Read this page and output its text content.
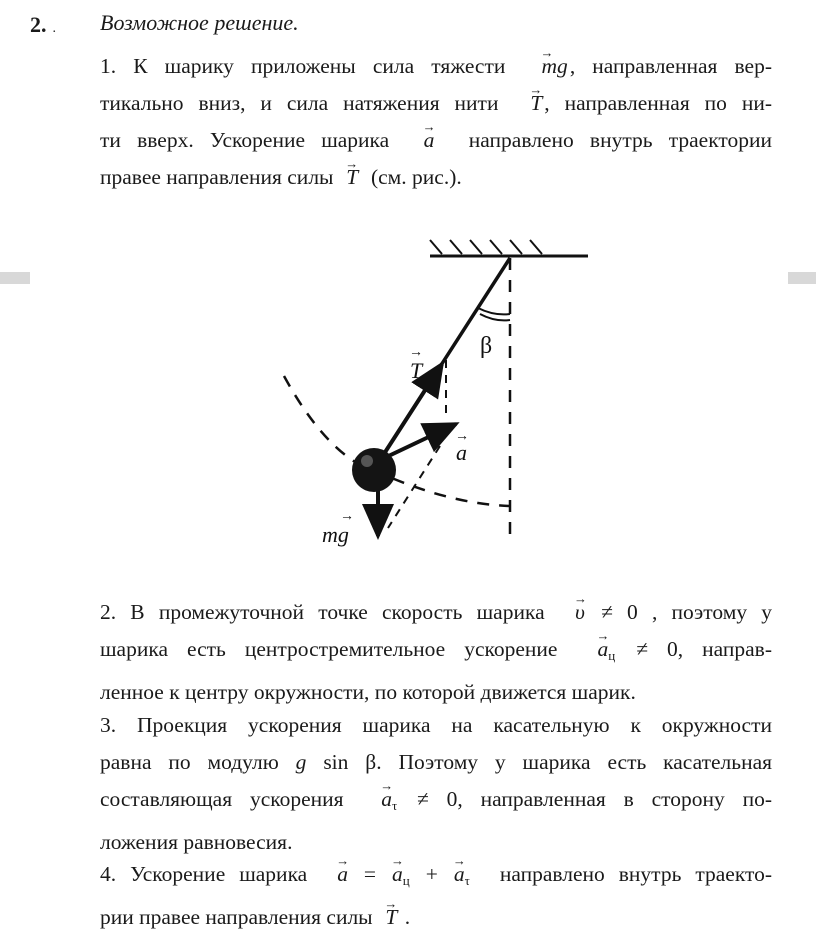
2. . Возможное решение.
1. К шарику приложены сила тяжести → mg, направленная вер-
тикально вниз, и сила натяжения нити → T, направленная по ни-
ти вверх. Ускорение шарика → a направлено внутрь траектории
правее направления силы → T (см. рис.).
β
T
→
a
→
mg
→
2. В промежуточной точке скорость шарика → υ ≠ 0 , поэтому у
шарика есть центростремительное ускорение → $a_ц \ne 0$, направ-
ленное к центру окружности, по которой движется шарик.
3. Проекция ускорения шарика на касательную к окружности
равна по модулю g sin β. Поэтому у шарика есть касательная
составляющая ускорения → $a_\tau \ne 0$, направленная в сторону по-
ложения равновесия.
4. Ускорение шарика → a = → $a_ц$ + → $a_\tau$ направлено внутрь траекто-
рии правее направления силы → T .
